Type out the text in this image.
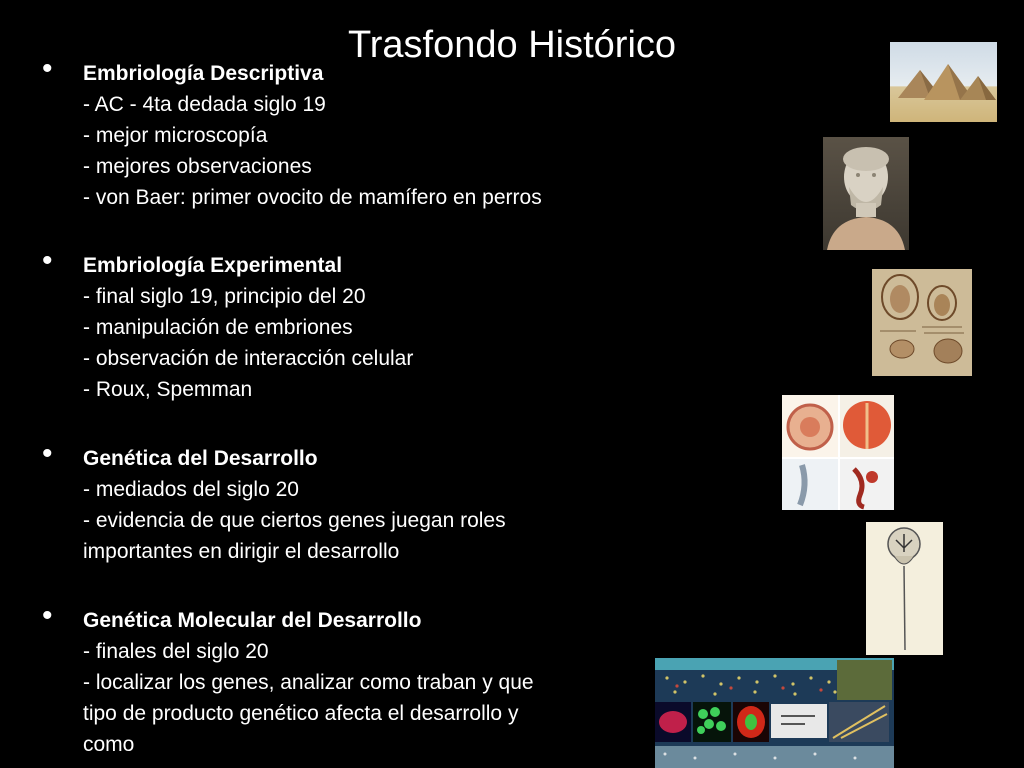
Trasfondo Histórico
• Embriología Descriptiva
- AC - 4ta dedada siglo 19
- mejor microscopía
- mejores observaciones
- von Baer: primer ovocito de mamífero en perros
• Embriología Experimental
- final siglo 19, principio del 20
- manipulación de embriones
- observación de interacción celular
- Roux, Spemman
• Genética del Desarrollo
- mediados del siglo 20
- evidencia de que ciertos genes juegan roles
importantes en dirigir el desarrollo
• Genética Molecular del Desarrollo
- finales del siglo 20
- localizar los genes, analizar como traban y que
tipo de producto genético afecta el desarrollo y
como
